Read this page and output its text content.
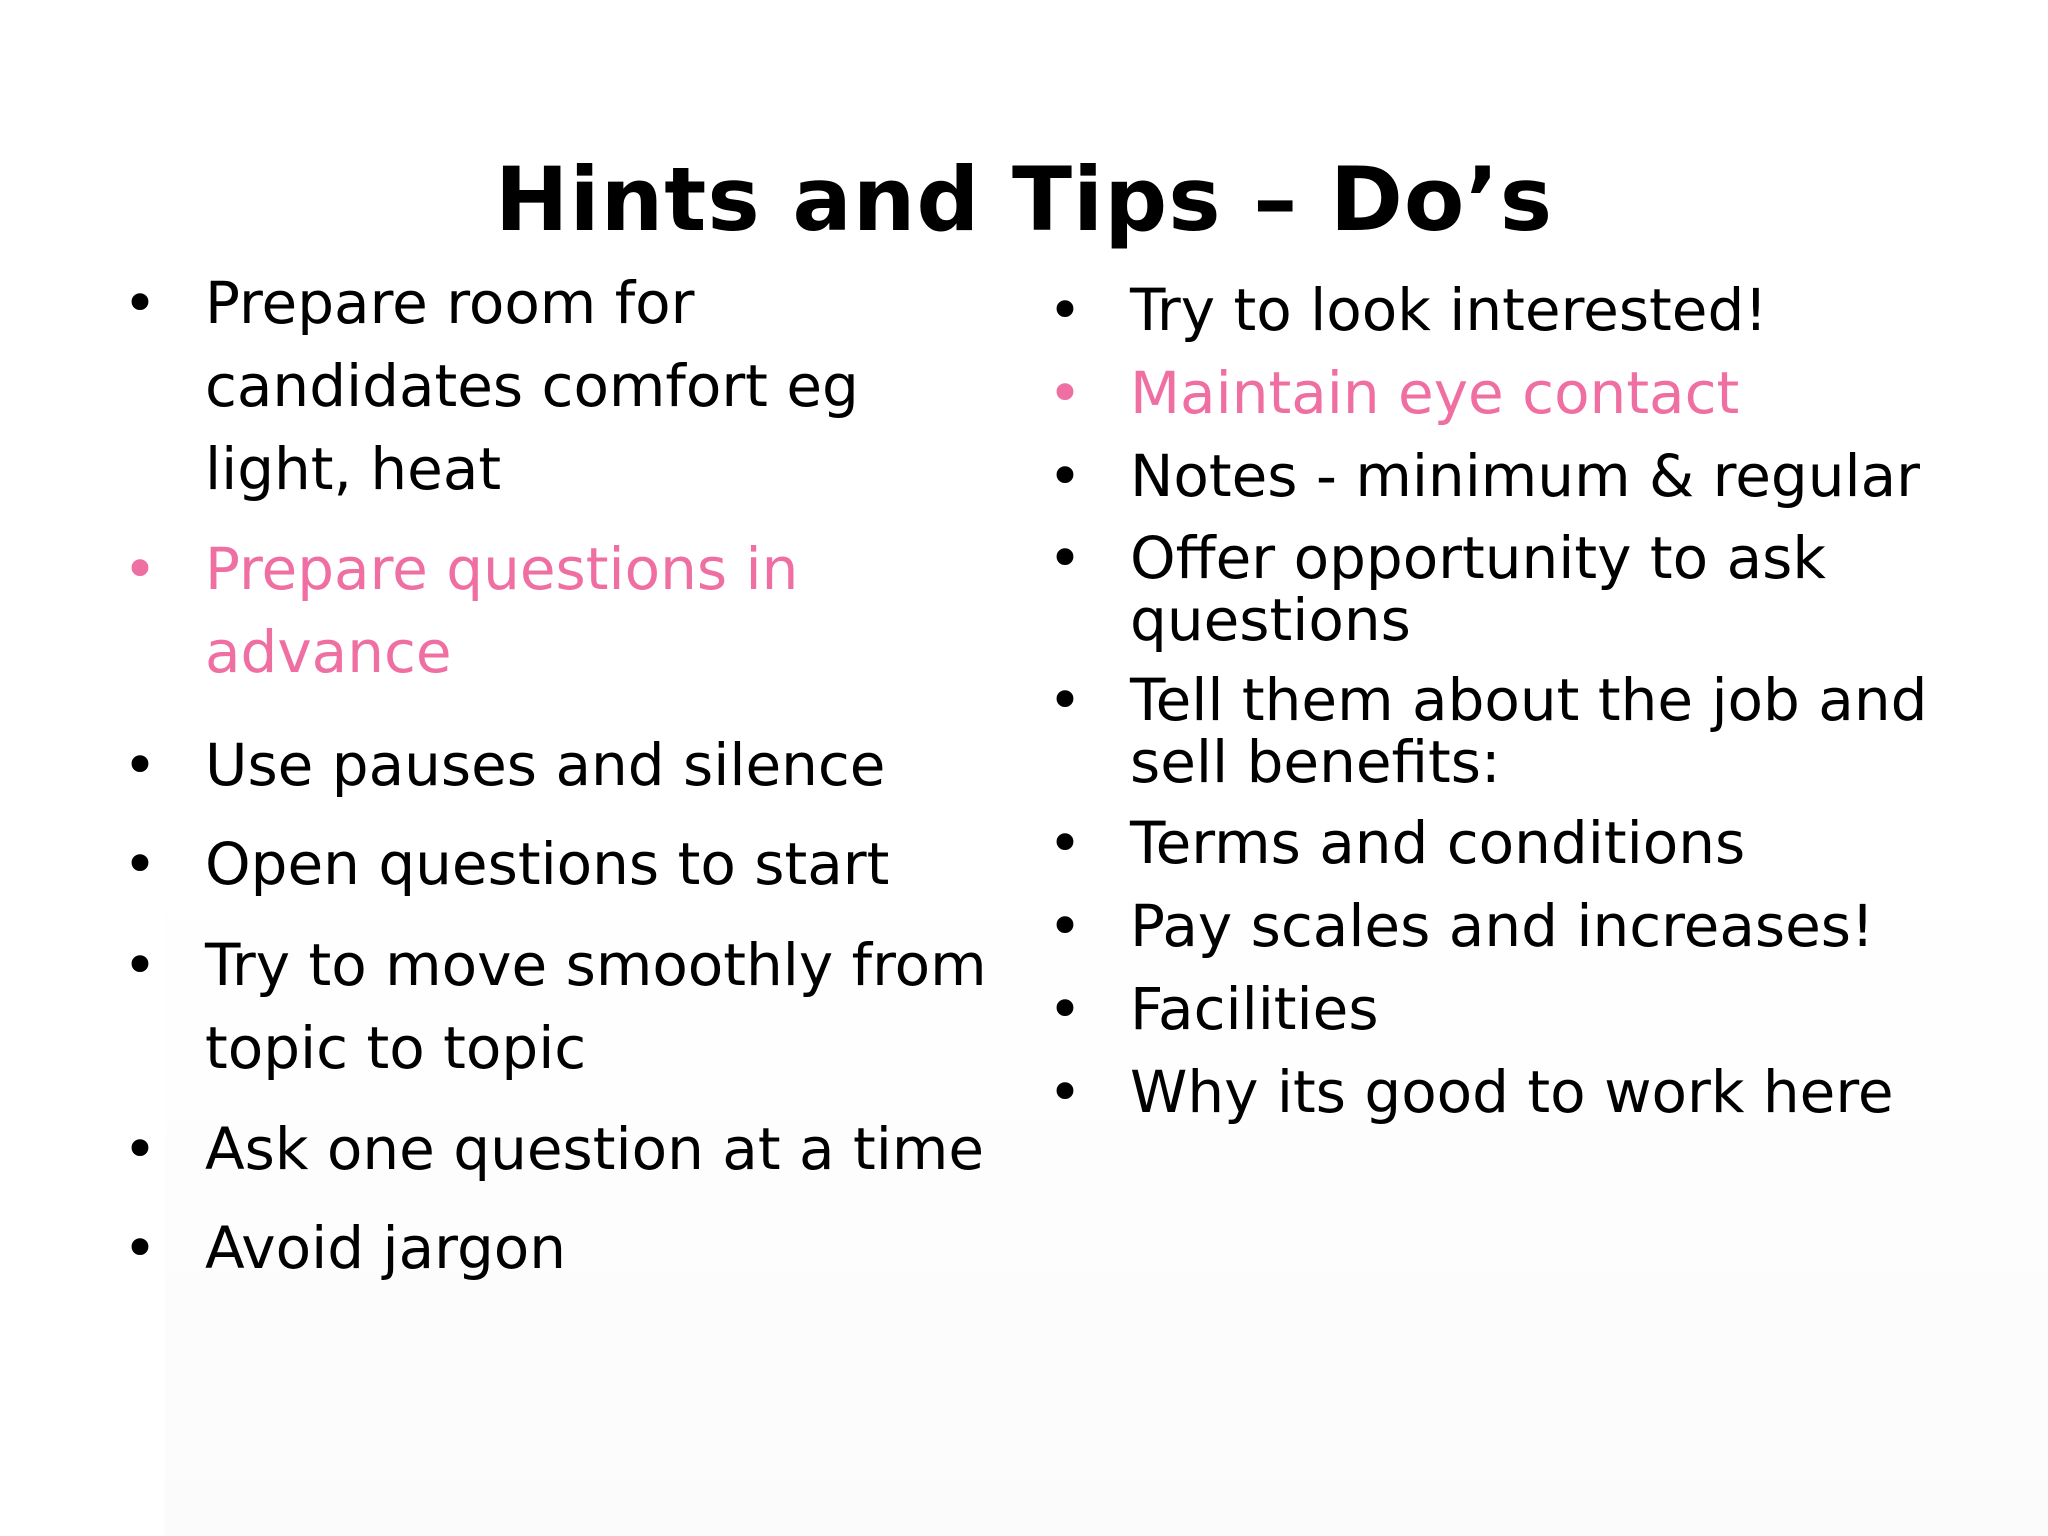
Hints and Tips – Do’s
• Prepare room for candidates comfort eg light, heat
• Prepare questions in advance
• Use pauses and silence
• Open questions to start
• Try to move smoothly from topic to topic
• Ask one question at a time
• Avoid jargon
• Try to look interested!
• Maintain eye contact
• Notes - minimum & regular
• Offer opportunity to ask questions
• Tell them about the job and sell benefits:
• Terms and conditions
• Pay scales and increases!
• Facilities
• Why its good to work here
